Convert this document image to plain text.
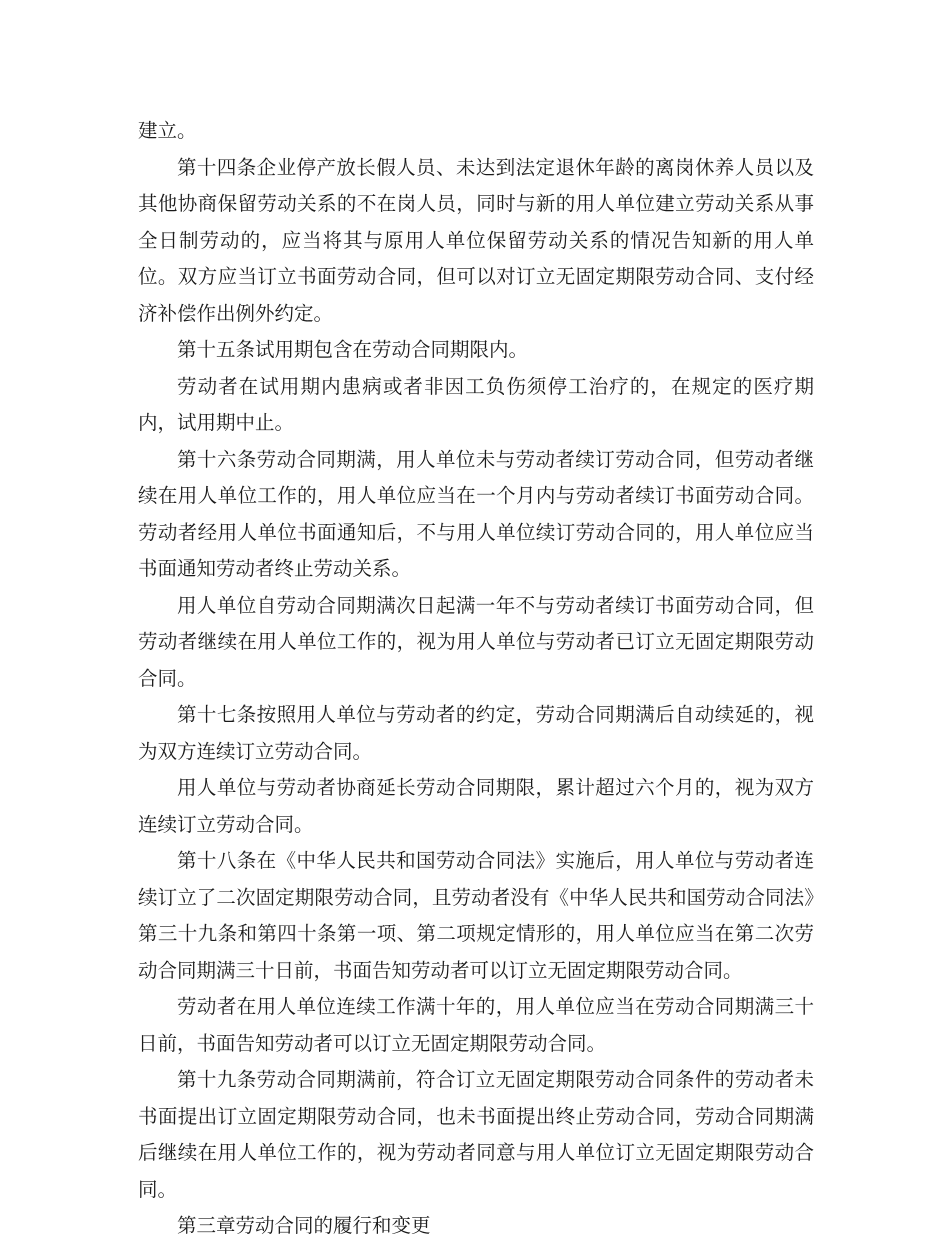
建立。

第十四条企业停产放长假人员、未达到法定退休年龄的离岗休养人员以及其他协商保留劳动关系的不在岗人员，同时与新的用人单位建立劳动关系从事全日制劳动的，应当将其与原用人单位保留劳动关系的情况告知新的用人单位。双方应当订立书面劳动合同，但可以对订立无固定期限劳动合同、支付经济补偿作出例外约定。

第十五条试用期包含在劳动合同期限内。

劳动者在试用期内患病或者非因工负伤须停工治疗的，在规定的医疗期内，试用期中止。

第十六条劳动合同期满，用人单位未与劳动者续订劳动合同，但劳动者继续在用人单位工作的，用人单位应当在一个月内与劳动者续订书面劳动合同。劳动者经用人单位书面通知后，不与用人单位续订劳动合同的，用人单位应当书面通知劳动者终止劳动关系。

用人单位自劳动合同期满次日起满一年不与劳动者续订书面劳动合同，但劳动者继续在用人单位工作的，视为用人单位与劳动者已订立无固定期限劳动合同。

第十七条按照用人单位与劳动者的约定，劳动合同期满后自动续延的，视为双方连续订立劳动合同。

用人单位与劳动者协商延长劳动合同期限，累计超过六个月的，视为双方连续订立劳动合同。

第十八条在《中华人民共和国劳动合同法》实施后，用人单位与劳动者连续订立了二次固定期限劳动合同，且劳动者没有《中华人民共和国劳动合同法》第三十九条和第四十条第一项、第二项规定情形的，用人单位应当在第二次劳动合同期满三十日前，书面告知劳动者可以订立无固定期限劳动合同。

劳动者在用人单位连续工作满十年的，用人单位应当在劳动合同期满三十日前，书面告知劳动者可以订立无固定期限劳动合同。

第十九条劳动合同期满前，符合订立无固定期限劳动合同条件的劳动者未书面提出订立固定期限劳动合同，也未书面提出终止劳动合同，劳动合同期满后继续在用人单位工作的，视为劳动者同意与用人单位订立无固定期限劳动合同。

第三章劳动合同的履行和变更
